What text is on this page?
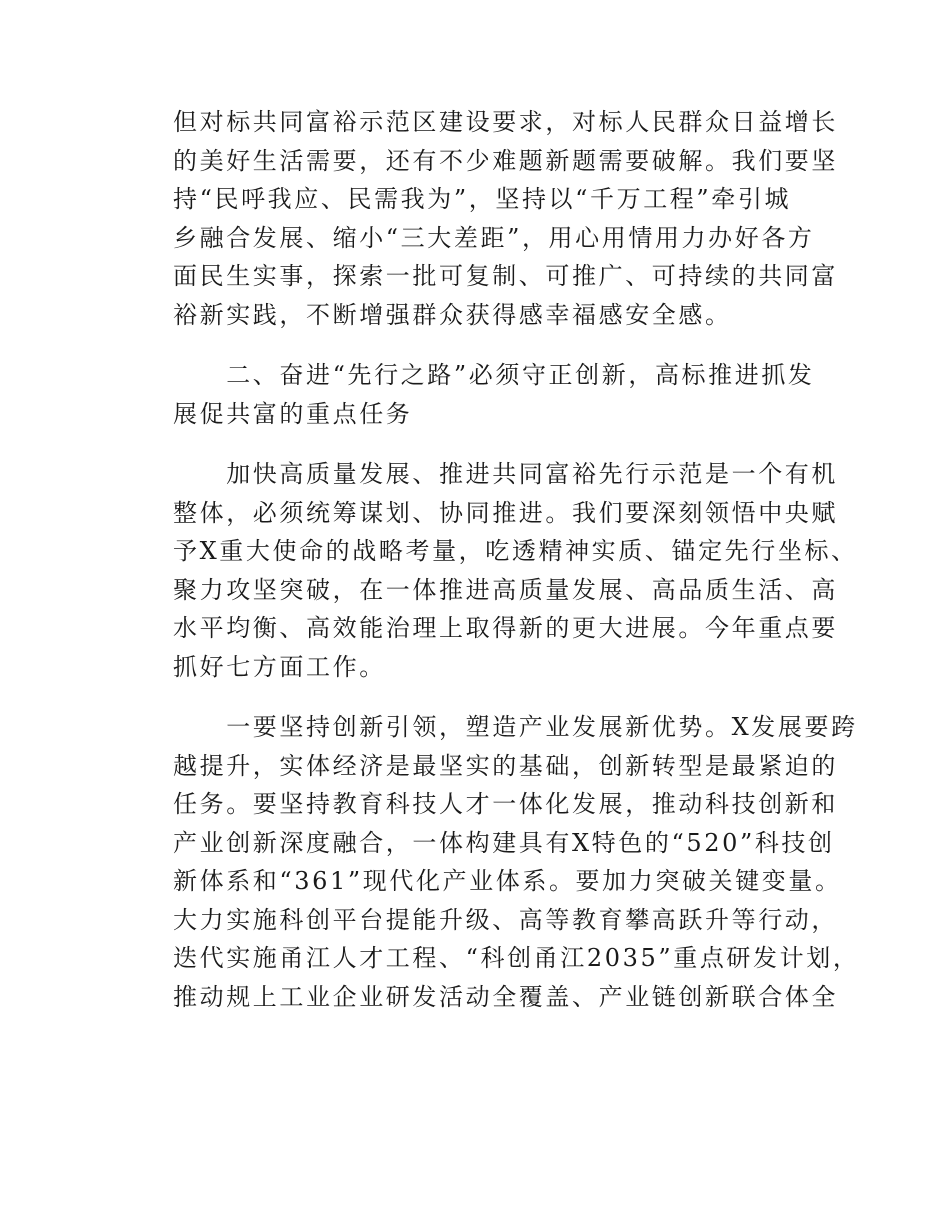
但对标共同富裕示范区建设要求，对标人民群众日益增长
的美好生活需要，还有不少难题新题需要破解。我们要坚
持“民呼我应、民需我为”，坚持以“千万工程”牵引城
乡融合发展、缩小“三大差距”，用心用情用力办好各方
面民生实事，探索一批可复制、可推广、可持续的共同富
裕新实践，不断增强群众获得感幸福感安全感。

　　二、奋进“先行之路”必须守正创新，高标推进抓发
展促共富的重点任务

　　加快高质量发展、推进共同富裕先行示范是一个有机
整体，必须统筹谋划、协同推进。我们要深刻领悟中央赋
予X重大使命的战略考量，吃透精神实质、锚定先行坐标、
聚力攻坚突破，在一体推进高质量发展、高品质生活、高
水平均衡、高效能治理上取得新的更大进展。今年重点要
抓好七方面工作。

　　一要坚持创新引领，塑造产业发展新优势。X发展要跨
越提升，实体经济是最坚实的基础，创新转型是最紧迫的
任务。要坚持教育科技人才一体化发展，推动科技创新和
产业创新深度融合，一体构建具有X特色的“520”科技创
新体系和“361”现代化产业体系。要加力突破关键变量。
大力实施科创平台提能升级、高等教育攀高跃升等行动，
迭代实施甬江人才工程、“科创甬江2035”重点研发计划，
推动规上工业企业研发活动全覆盖、产业链创新联合体全
